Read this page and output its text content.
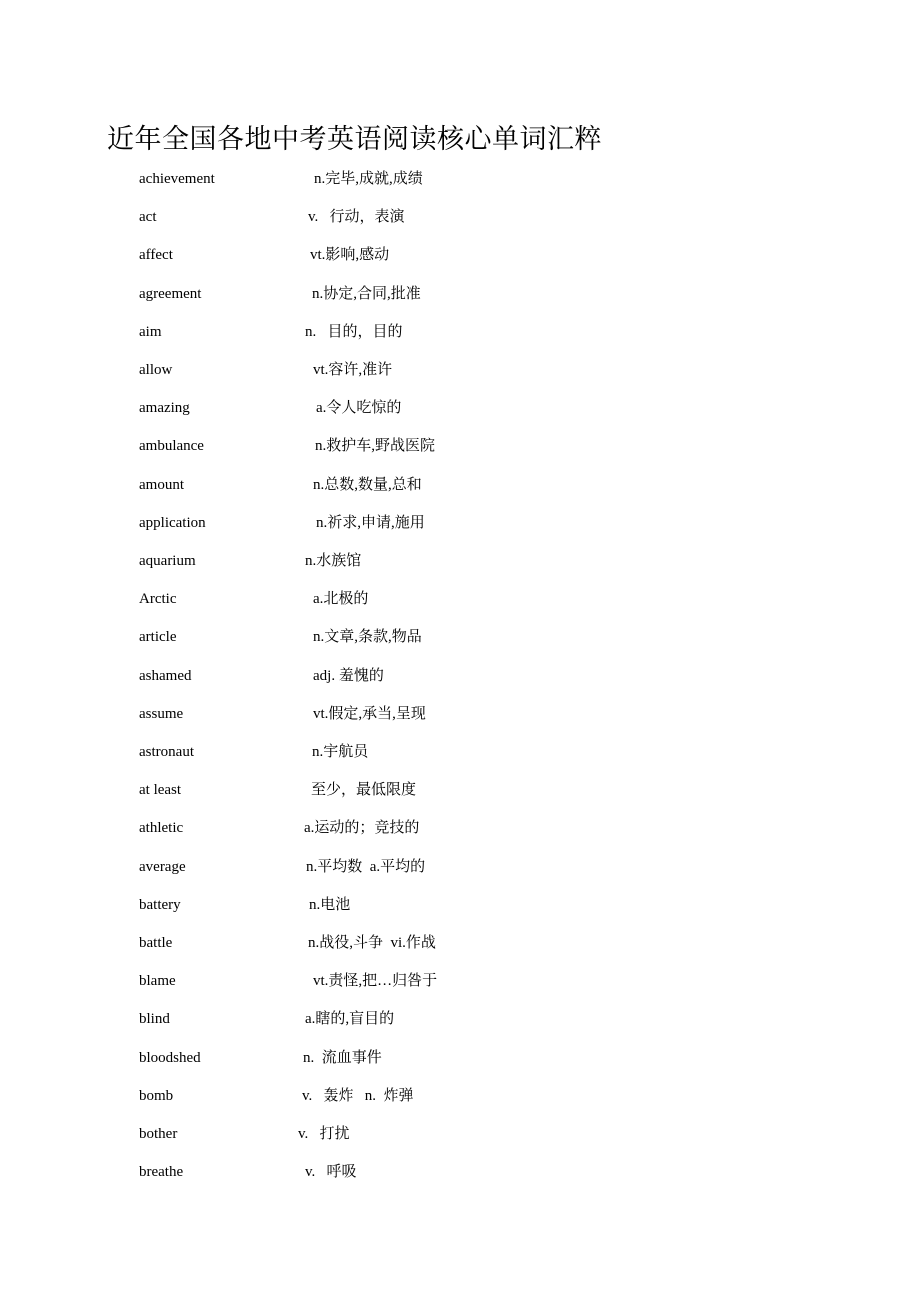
近年全国各地中考英语阅读核心单词汇粹
achievement	n.完毕,成就,成绩
act	v.   行动，表演
affect	vt.影响,感动
agreement	n.协定,合同,批准
aim	n.   目的，目的
allow	vt.容许,准许
amazing	a.令人吃惊的
ambulance	n.救护车,野战医院
amount	n.总数,数量,总和
application	n.祈求,申请,施用
aquarium	n.水族馆
Arctic	a.北极的
article	n.文章,条款,物品
ashamed	adj. 羞愧的
assume	vt.假定,承当,呈现
astronaut	n.宇航员
at least	至少，最低限度
athletic	a.运动的；竞技的
average	n.平均数  a.平均的
battery	n.电池
battle	n.战役,斗争  vi.作战
blame	vt.责怪,把…归咎于
blind	a.瞎的,盲目的
bloodshed	n.  流血事件
bomb	v.   轰炸   n.  炸弹
bother	v.   打扰
breathe	v.   呼吸
